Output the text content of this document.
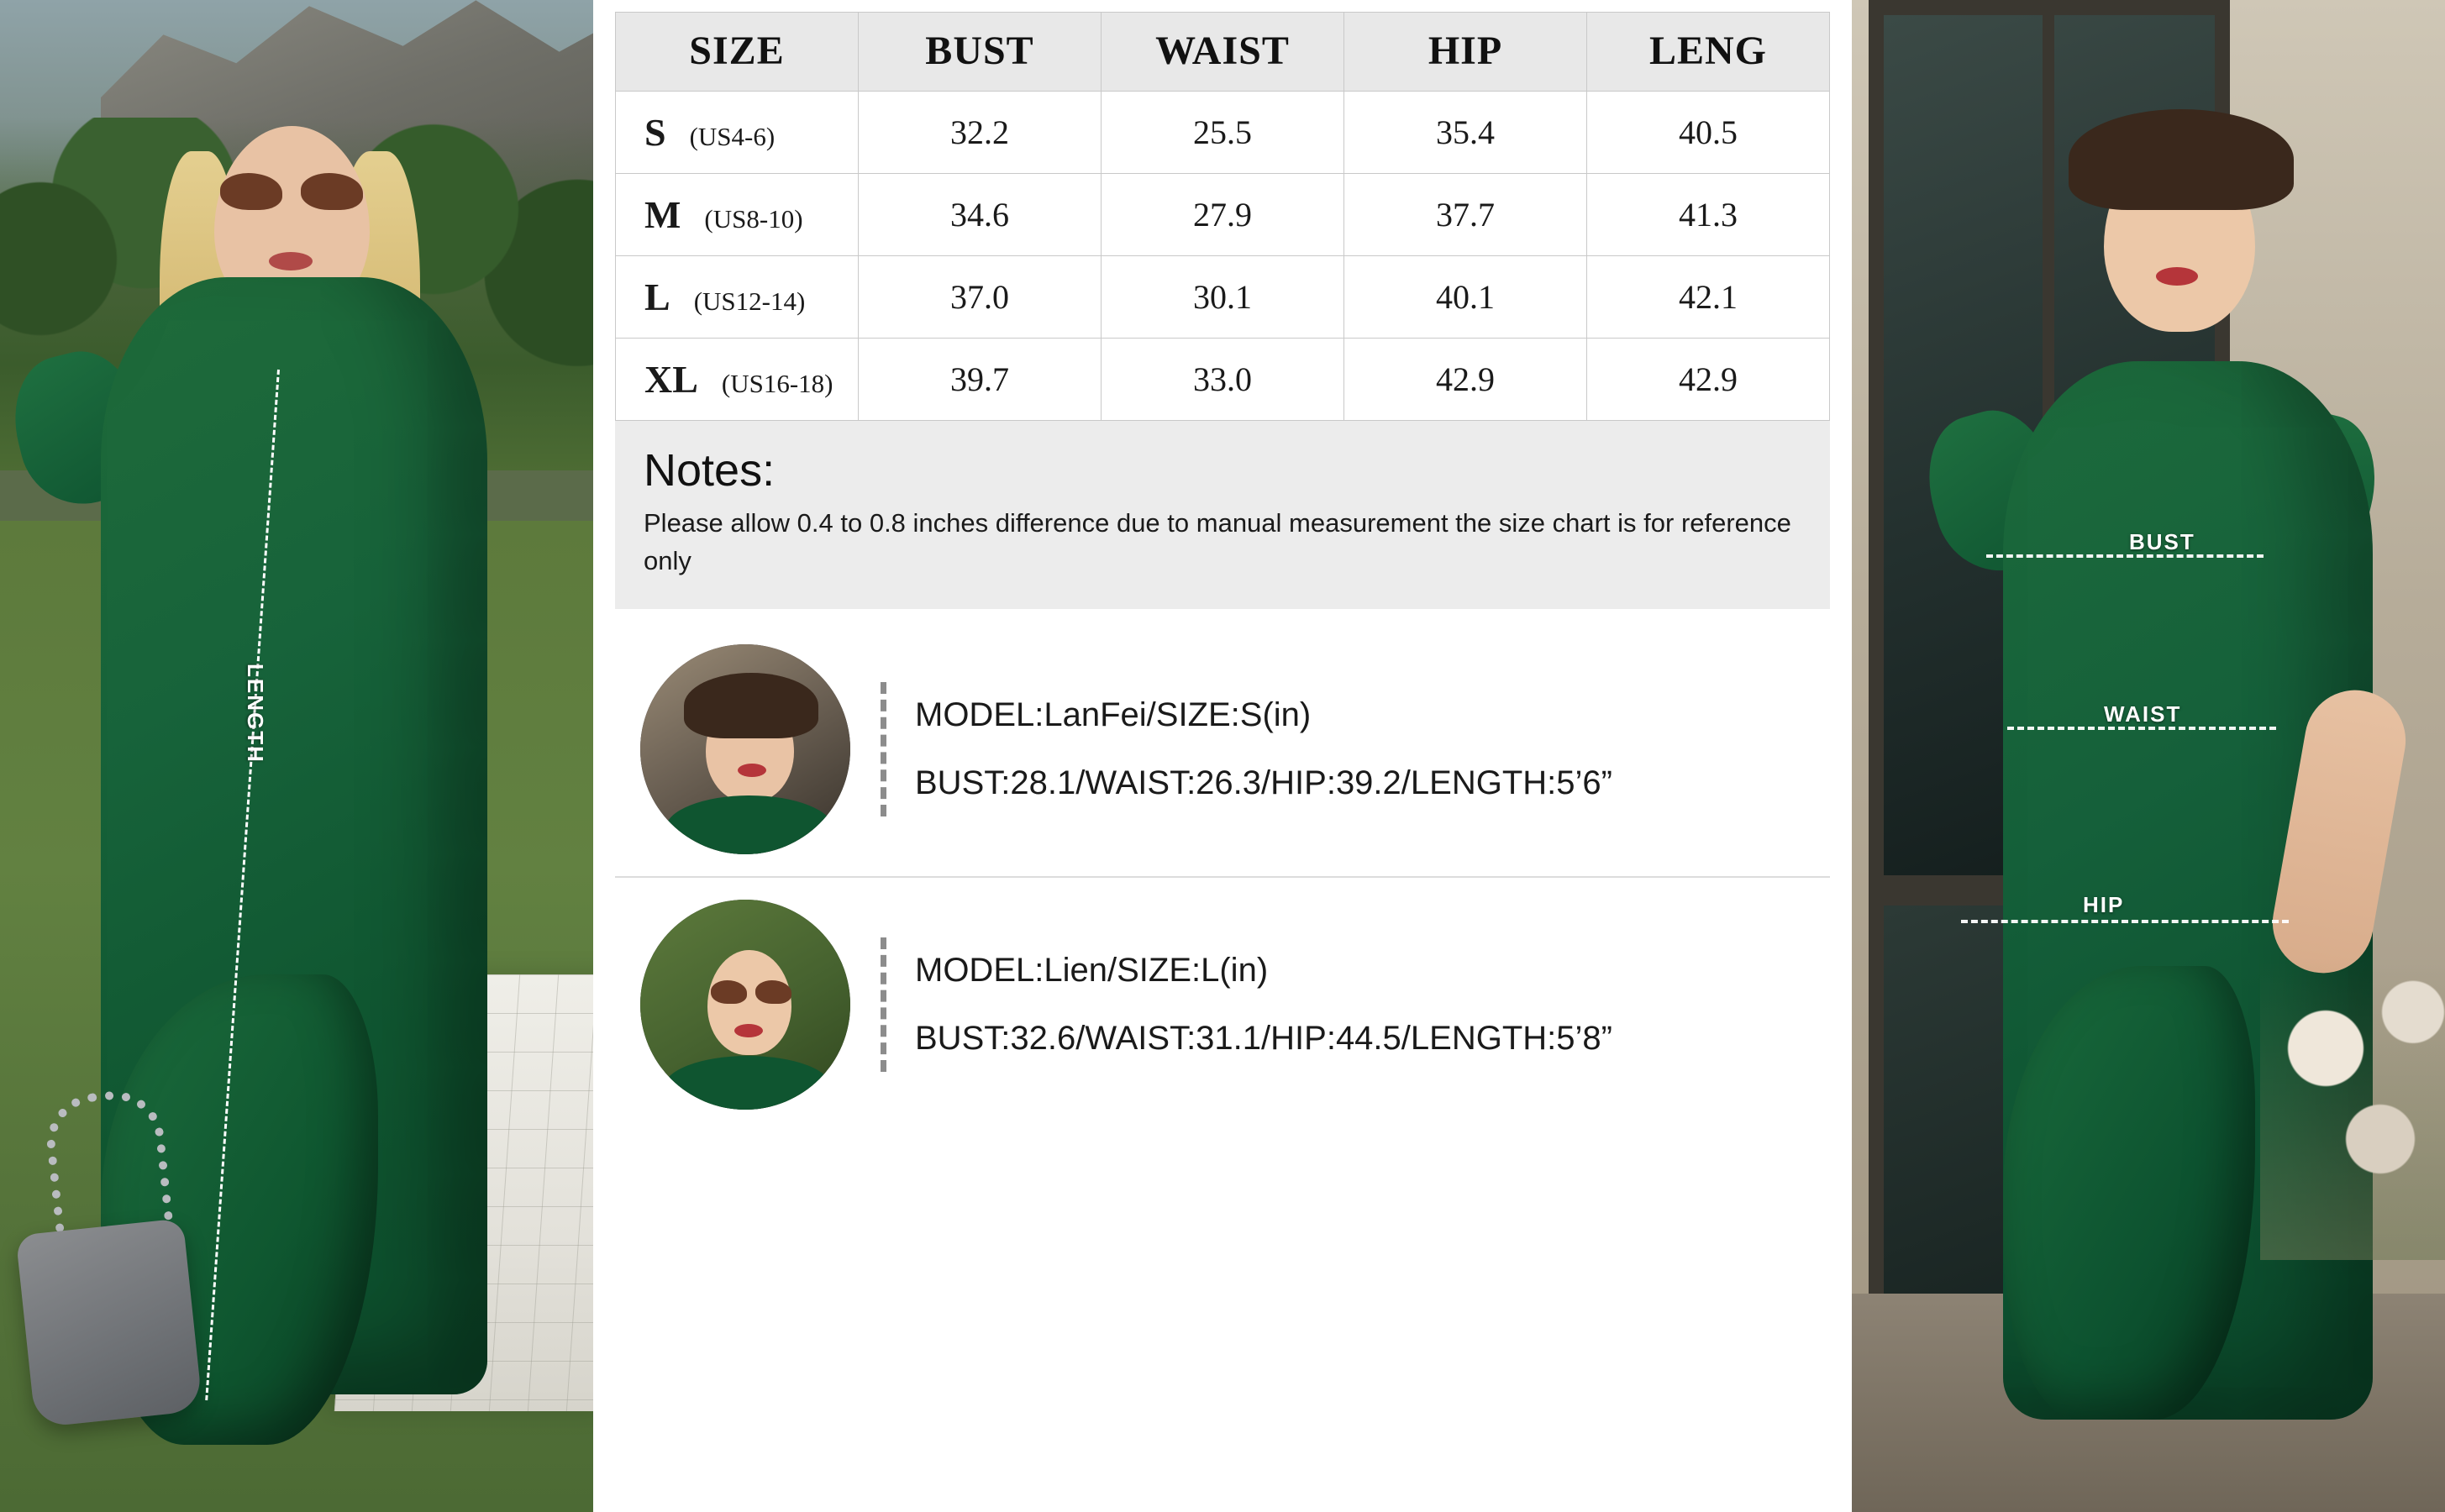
LENGTH
SIZE	BUST	WAIST	HIP	LENG
S (US4-6)	32.2	25.5	35.4	40.5
M (US8-10)	34.6	27.9	37.7	41.3
L (US12-14)	37.0	30.1	40.1	42.1
XL (US16-18)	39.7	33.0	42.9	42.9
Notes:
Please allow 0.4 to 0.8 inches difference due to manual measurement the size chart is for reference only
MODEL:LanFei/SIZE:S(in)
BUST:28.1/WAIST:26.3/HIP:39.2/LENGTH:5’6”
MODEL:Lien/SIZE:L(in)
BUST:32.6/WAIST:31.1/HIP:44.5/LENGTH:5’8”
BUST
WAIST
HIP
